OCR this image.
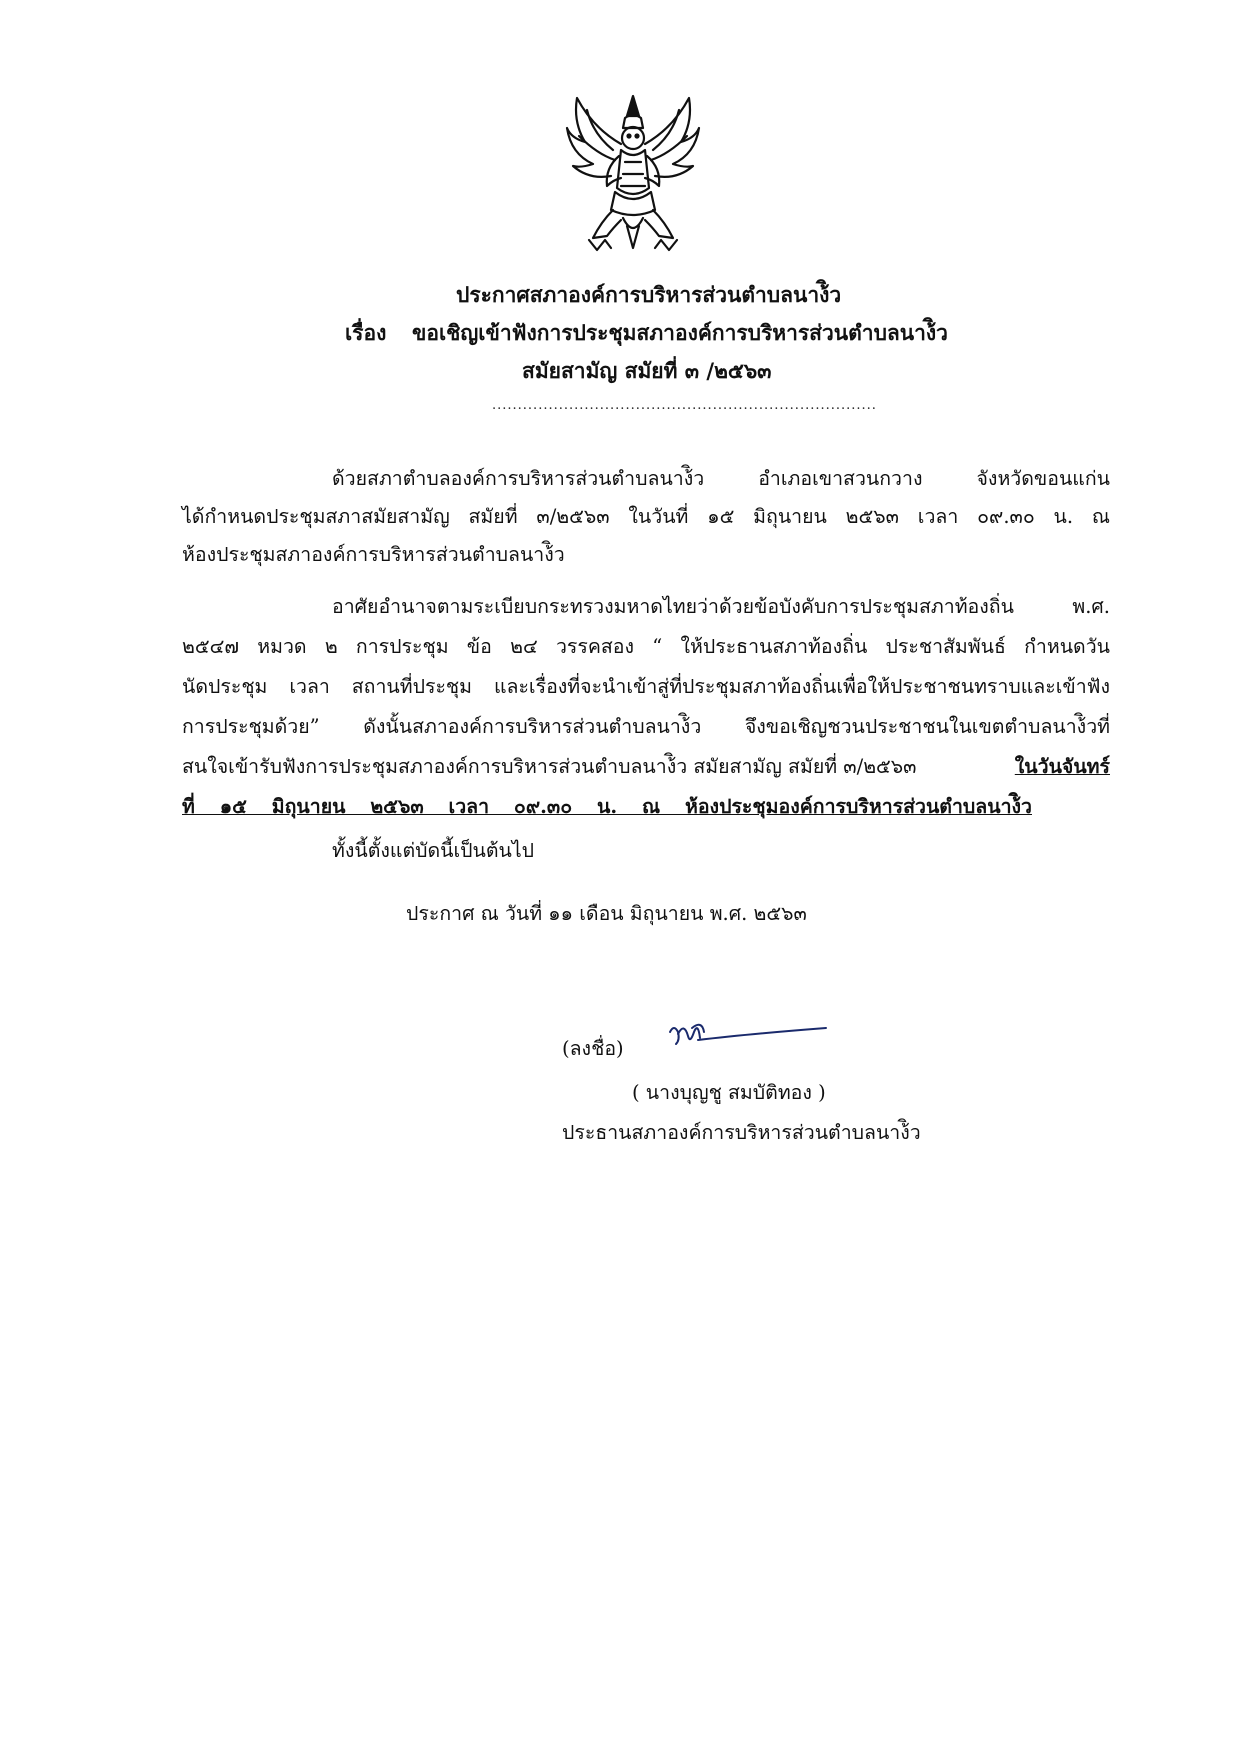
ประกาศสภาองค์การบริหารส่วนตำบลนาง้ิว
เรื่อง ขอเชิญเข้าฟังการประชุมสภาองค์การบริหารส่วนตำบลนาง้ิว
สมัยสามัญ สมัยที่ ๓ /๒๕๖๓
...........................................................................
ด้วยสภาตำบลองค์การบริหารส่วนตำบลนาง้ิว อำเภอเขาสวนกวาง จังหวัดขอนแก่น
ได้กำหนดประชุมสภาสมัยสามัญ สมัยที่ ๓/๒๕๖๓ ในวันที่ ๑๕ มิถุนายน ๒๕๖๓ เวลา ๐๙.๓๐ น. ณ
ห้องประชุมสภาองค์การบริหารส่วนตำบลนาง้ิว
อาศัยอำนาจตามระเบียบกระทรวงมหาดไทยว่าด้วยข้อบังคับการประชุมสภาท้องถิ่น พ.ศ.
๒๕๔๗ หมวด ๒ การประชุม ข้อ ๒๔ วรรคสอง “ ให้ประธานสภาท้องถิ่น ประชาสัมพันธ์ กำหนดวัน
นัดประชุม เวลา สถานที่ประชุม และเรื่องที่จะนำเข้าสู่ที่ประชุมสภาท้องถิ่นเพื่อให้ประชาชนทราบและเข้าฟัง
การประชุมด้วย” ดังนั้นสภาองค์การบริหารส่วนตำบลนาง้ิว จึงขอเชิญชวนประชาชนในเขตตำบลนาง้ิวที่
สนใจเข้ารับฟังการประชุมสภาองค์การบริหารส่วนตำบลนาง้ิว สมัยสามัญ สมัยที่ ๓/๒๕๖๓	ในวันจันทร์
ที่ ๑๕ มิถุนายน ๒๕๖๓ เวลา ๐๙.๓๐ น. ณ ห้องประชุมองค์การบริหารส่วนตำบลนาง้ิว
ทั้งนี้ตั้งแต่บัดนี้เป็นต้นไป
ประกาศ ณ วันที่ ๑๑ เดือน มิถุนายน พ.ศ. ๒๕๖๓
(ลงชื่อ)
( นางบุญชู สมบัติทอง )
ประธานสภาองค์การบริหารส่วนตำบลนาง้ิว
